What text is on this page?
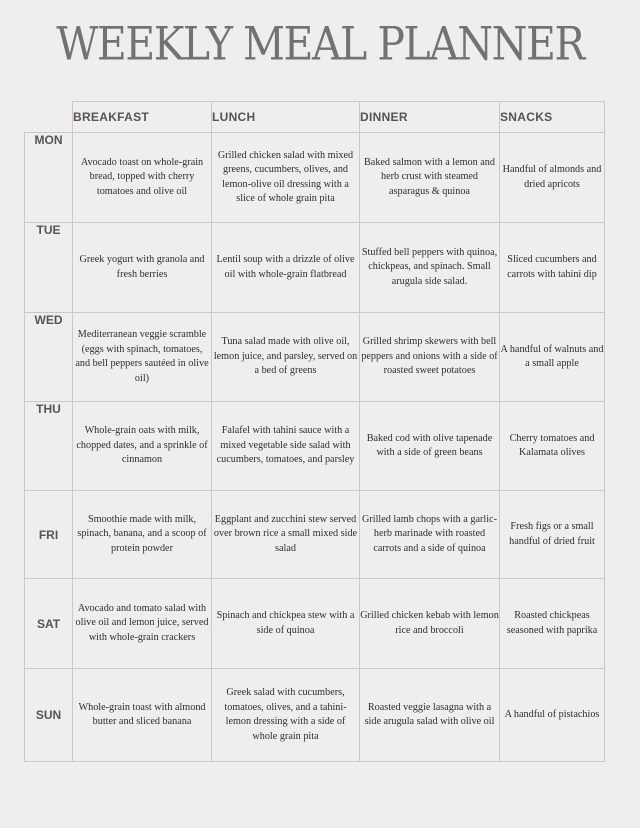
WEEKLY MEAL PLANNER
	BREAKFAST	LUNCH	DINNER	SNACKS
MON	Avocado toast on whole-grain bread, topped with cherry tomatoes and olive oil	Grilled chicken salad with mixed greens, cucumbers, olives, and lemon-olive oil dressing with a slice of whole grain pita	Baked salmon with a lemon and herb crust with steamed asparagus & quinoa	Handful of almonds and dried apricots
TUE	Greek yogurt with granola and fresh berries	Lentil soup with a drizzle of olive oil with whole-grain flatbread	Stuffed bell peppers with quinoa, chickpeas, and spinach. Small arugula side salad.	Sliced cucumbers and carrots with tahini dip
WED	Mediterranean veggie scramble (eggs with spinach, tomatoes, and bell peppers sautéed in olive oil)	Tuna salad made with olive oil, lemon juice, and parsley, served on a bed of greens	Grilled shrimp skewers with bell peppers and onions with a side of roasted sweet potatoes	A handful of walnuts and a small apple
THU	Whole-grain oats with milk, chopped dates, and a sprinkle of cinnamon	Falafel with tahini sauce with a mixed vegetable side salad with cucumbers, tomatoes, and parsley	Baked cod with olive tapenade with a side of green beans	Cherry tomatoes and Kalamata olives
FRI	Smoothie made with milk, spinach, banana, and a scoop of protein powder	Eggplant and zucchini stew served over brown rice a small mixed side salad	Grilled lamb chops with a garlic-herb marinade with roasted carrots and a side of quinoa	Fresh figs or a small handful of dried fruit
SAT	Avocado and tomato salad with olive oil and lemon juice, served with whole-grain crackers	Spinach and chickpea stew with a side of quinoa	Grilled chicken kebab with lemon rice and broccoli	Roasted chickpeas seasoned with paprika
SUN	Whole-grain toast with almond butter and sliced banana	Greek salad with cucumbers, tomatoes, olives, and a tahini-lemon dressing with a side of whole grain pita	Roasted veggie lasagna with a side arugula salad with olive oil	A handful of pistachios
